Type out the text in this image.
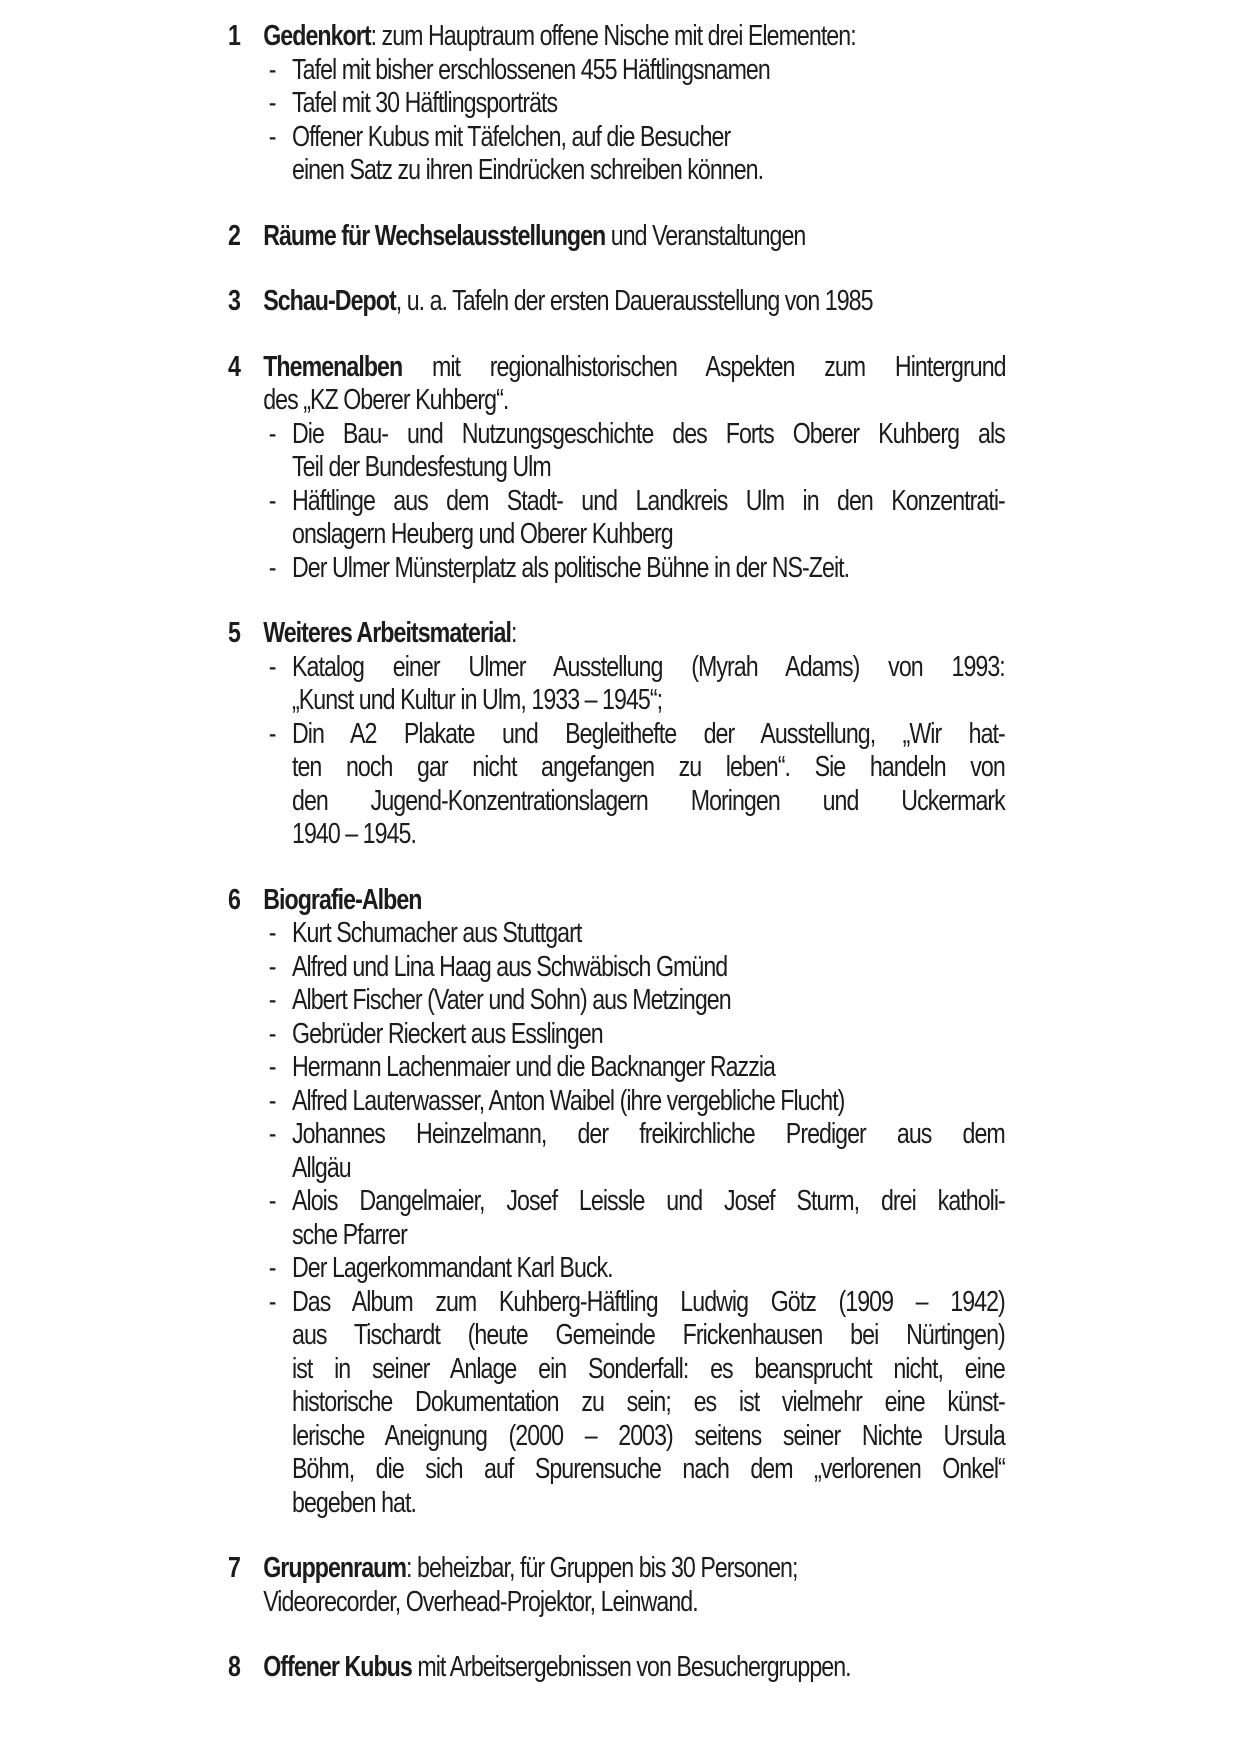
1 Gedenkort: zum Hauptraum offene Nische mit drei Elementen:
- Tafel mit bisher erschlossenen 455 Häftlingsnamen
- Tafel mit 30 Häftlingsporträts
- Offener Kubus mit Täfelchen, auf die Besucher
einen Satz zu ihren Eindrücken schreiben können.
2 Räume für Wechselausstellungen und Veranstaltungen
3 Schau-Depot, u. a. Tafeln der ersten Dauerausstellung von 1985
4 Themenalben mit regionalhistorischen Aspekten zum Hintergrund
des „KZ Oberer Kuhberg“.
- Die Bau- und Nutzungsgeschichte des Forts Oberer Kuhberg als
Teil der Bundesfestung Ulm
- Häftlinge aus dem Stadt- und Landkreis Ulm in den Konzentrati-
onslagern Heuberg und Oberer Kuhberg
- Der Ulmer Münsterplatz als politische Bühne in der NS-Zeit.
5 Weiteres Arbeitsmaterial:
- Katalog einer Ulmer Ausstellung (Myrah Adams) von 1993:
„Kunst und Kultur in Ulm, 1933 – 1945“;
- Din A2 Plakate und Begleithefte der Ausstellung, „Wir hat-
ten noch gar nicht angefangen zu leben“. Sie handeln von
den Jugend-Konzentrationslagern Moringen und Uckermark
1940 – 1945.
6 Biografie-Alben
- Kurt Schumacher aus Stuttgart
- Alfred und Lina Haag aus Schwäbisch Gmünd
- Albert Fischer (Vater und Sohn) aus Metzingen
- Gebrüder Rieckert aus Esslingen
- Hermann Lachenmaier und die Backnanger Razzia
- Alfred Lauterwasser, Anton Waibel (ihre vergebliche Flucht)
- Johannes Heinzelmann, der freikirchliche Prediger aus dem
Allgäu
- Alois Dangelmaier, Josef Leissle und Josef Sturm, drei katholi-
sche Pfarrer
- Der Lagerkommandant Karl Buck.
- Das Album zum Kuhberg-Häftling Ludwig Götz (1909 – 1942)
aus Tischardt (heute Gemeinde Frickenhausen bei Nürtingen)
ist in seiner Anlage ein Sonderfall: es beansprucht nicht, eine
historische Dokumentation zu sein; es ist vielmehr eine künst-
lerische Aneignung (2000 – 2003) seitens seiner Nichte Ursula
Böhm, die sich auf Spurensuche nach dem „verlorenen Onkel“
begeben hat.
7 Gruppenraum: beheizbar, für Gruppen bis 30 Personen;
Videorecorder, Overhead-Projektor, Leinwand.
8 Offener Kubus mit Arbeitsergebnissen von Besuchergruppen.
